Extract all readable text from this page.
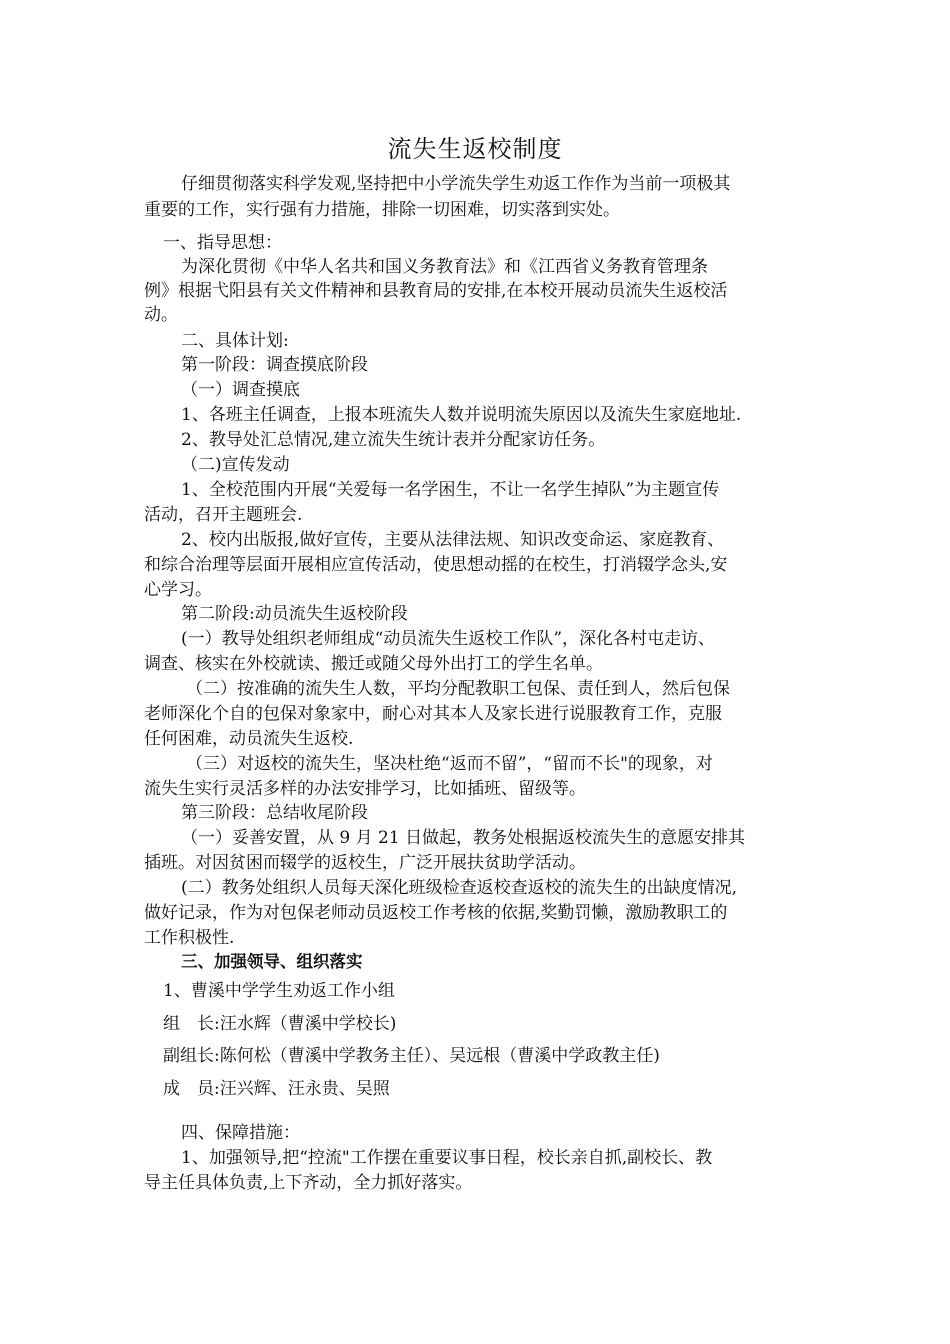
流失生返校制度
仔细贯彻落实科学发观,坚持把中小学流失学生劝返工作作为当前一项极其
重要的工作，实行强有力措施，排除一切困难，切实落到实处。
一、指导思想：
为深化贯彻《中华人名共和国义务教育法》和《江西省义务教育管理条
例》根据弋阳县有关文件精神和县教育局的安排,在本校开展动员流失生返校活
动。
二、具体计划:
第一阶段：调查摸底阶段
（一）调查摸底
1、各班主任调查，上报本班流失人数并说明流失原因以及流失生家庭地址.
2、教导处汇总情况,建立流失生统计表并分配家访任务。
（二)宣传发动
1、全校范围内开展“关爱每一名学困生，不让一名学生掉队”为主题宣传
活动，召开主题班会.
2、校内出版报,做好宣传，主要从法律法规、知识改变命运、家庭教育、
和综合治理等层面开展相应宣传活动，使思想动摇的在校生，打消辍学念头,安
心学习。
第二阶段:动员流失生返校阶段
(一）教导处组织老师组成“动员流失生返校工作队”，深化各村屯走访、
调查、核实在外校就读、搬迁或随父母外出打工的学生名单。
（二）按准确的流失生人数，平均分配教职工包保、责任到人，然后包保
老师深化个自的包保对象家中，耐心对其本人及家长进行说服教育工作，克服
任何困难，动员流失生返校.
（三）对返校的流失生，坚决杜绝“返而不留”，“留而不长"的现象，对
流失生实行灵活多样的办法安排学习，比如插班、留级等。
第三阶段：总结收尾阶段
（一）妥善安置，从 9 月 21 日做起，教务处根据返校流失生的意愿安排其
插班。对因贫困而辍学的返校生，广泛开展扶贫助学活动。
(二）教务处组织人员每天深化班级检查返校查返校的流失生的出缺度情况,
做好记录，作为对包保老师动员返校工作考核的依据,奖勤罚懒，激励教职工的
工作积极性.
三、加强领导、组织落实
1、曹溪中学学生劝返工作小组
组　长:汪水辉（曹溪中学校长)
副组长:陈何松（曹溪中学教务主任）、吴远根（曹溪中学政教主任)
成　员:汪兴辉、汪永贵、吴照
四、保障措施：
1、加强领导,把“控流"工作摆在重要议事日程，校长亲自抓,副校长、教
导主任具体负责,上下齐动，全力抓好落实。
